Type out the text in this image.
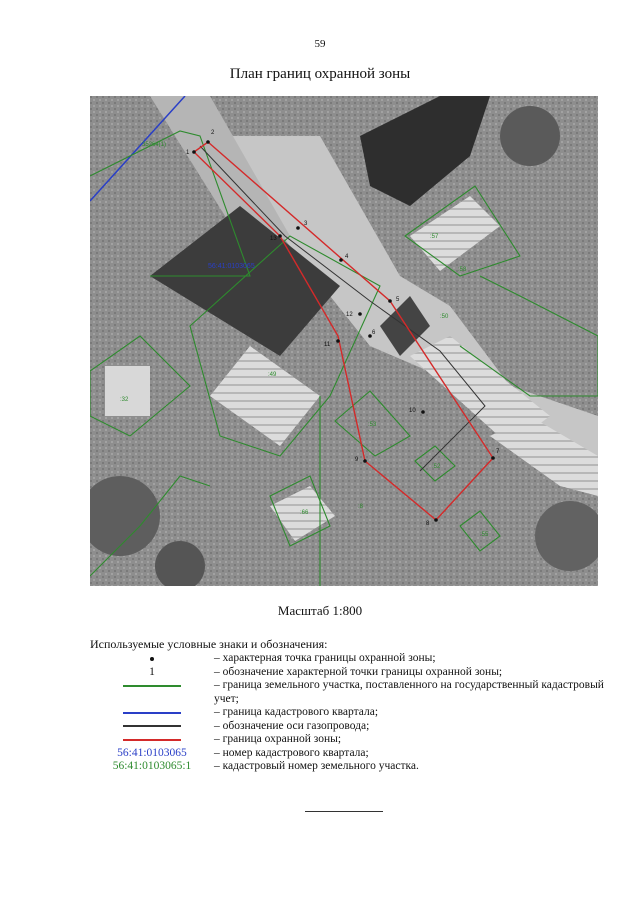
59
План границ охранной зоны
1
2
3
4
5
6
7
8
9
10
11
12
13
35264(1)
56:41:0103065
:57
:58
:49
:50
:32
:53
:52
:66
:8
:55
Масштаб 1:800
Используемые условные знаки и обозначения:
– характерная точка границы охранной зоны;
1	– обозначение характерной точки границы охранной зоны;
– граница земельного участка, поставленного на государственный кадастровый учет;
– граница кадастрового квартала;
– обозначение оси газопровода;
– граница охранной зоны;
56:41:0103065 – номер кадастрового квартала;
56:41:0103065:1 – кадастровый номер земельного участка.
